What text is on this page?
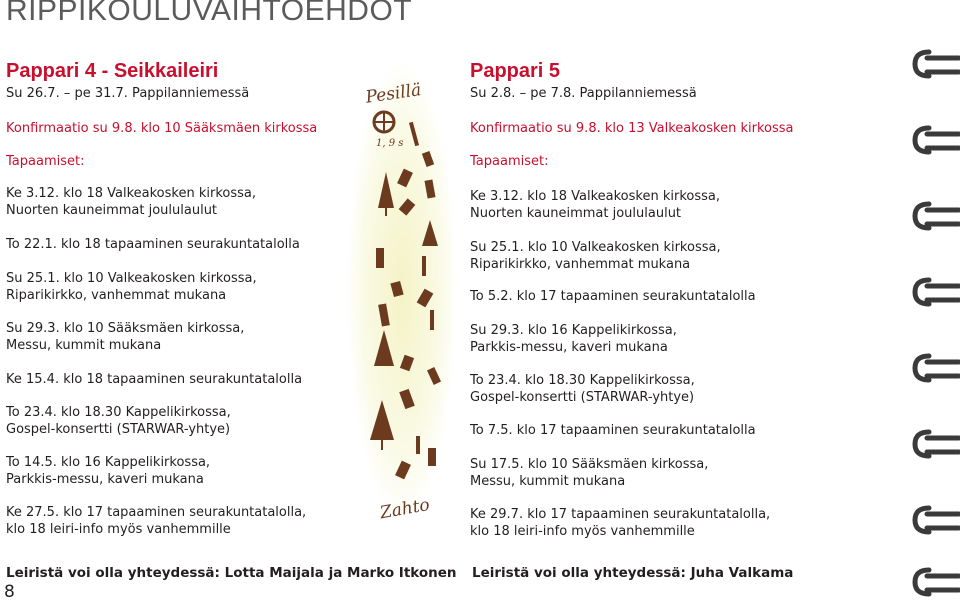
RIPPIKOULUVAIHTOEHDOT
Pappari 4 - Seikkaileiri
Su 26.7. – pe 31.7. Pappilanniemessä
Konfirmaatio su 9.8. klo 10 Sääksmäen kirkossa
Tapaamiset:
Ke 3.12. klo 18 Valkeakosken kirkossa,
Nuorten kauneimmat joululaulut
To 22.1. klo 18 tapaaminen seurakuntatalolla
Su 25.1. klo 10 Valkeakosken kirkossa,
Riparikirkko, vanhemmat mukana
Su 29.3. klo 10 Sääksmäen kirkossa,
Messu, kummit mukana
Ke 15.4. klo 18 tapaaminen seurakuntatalolla
To 23.4. klo 18.30 Kappelikirkossa,
Gospel-konsertti (STARWAR-yhtye)
To 14.5. klo 16 Kappelikirkossa,
Parkkis-messu, kaveri mukana
Ke 27.5. klo 17 tapaaminen seurakuntatalolla,
klo 18 leiri-info myös vanhemmille
Leiristä voi olla yhteydessä: Lotta Maijala ja Marko Itkonen
Pesillä
1, 9 s
Zahto
Pappari 5
Su 2.8. – pe 7.8. Pappilanniemessä
Konfirmaatio su 9.8. klo 13 Valkeakosken kirkossa
Tapaamiset:
Ke 3.12. klo 18 Valkeakosken kirkossa,
Nuorten kauneimmat joululaulut
Su 25.1. klo 10 Valkeakosken kirkossa,
Riparikirkko, vanhemmat mukana
To 5.2. klo 17 tapaaminen seurakuntatalolla
Su 29.3. klo 16 Kappelikirkossa,
Parkkis-messu, kaveri mukana
To 23.4. klo 18.30 Kappelikirkossa,
Gospel-konsertti (STARWAR-yhtye)
To 7.5. klo 17 tapaaminen seurakuntatalolla
Su 17.5. klo 10 Sääksmäen kirkossa,
Messu, kummit mukana
Ke 29.7. klo 17 tapaaminen seurakuntatalolla,
klo 18 leiri-info myös vanhemmille
Leiristä voi olla yhteydessä: Juha Valkama
8
